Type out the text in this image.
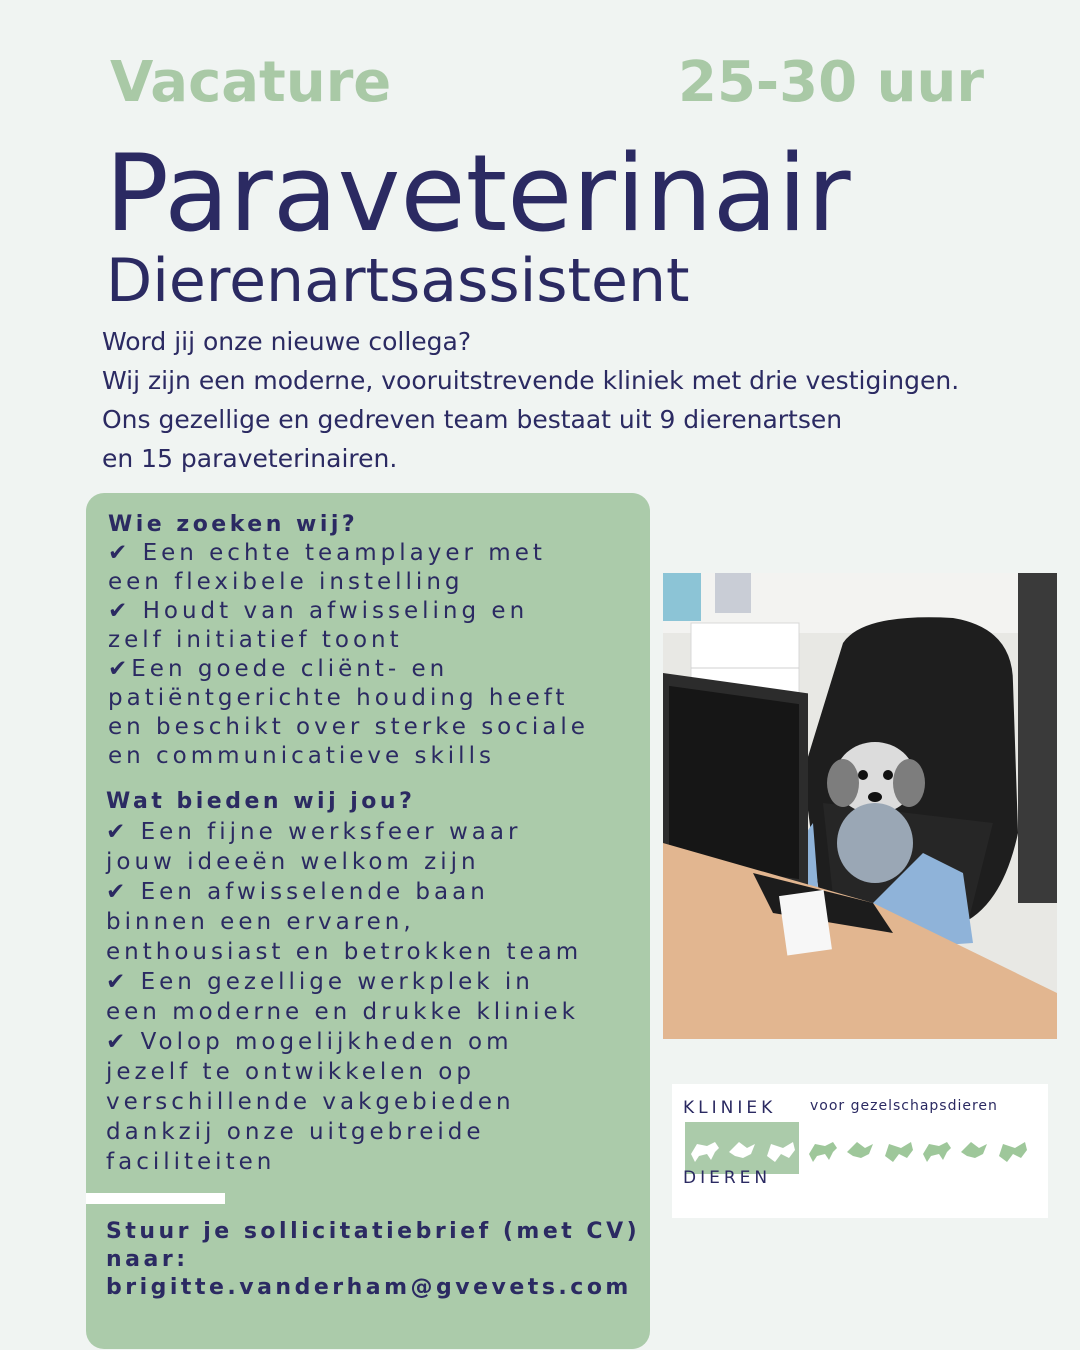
Vacature	25-30 uur
Paraveterinair
Dierenartsassistent
Word jij onze nieuwe collega?
Wij zijn een moderne, vooruitstrevende kliniek met drie vestigingen.
Ons gezellige en gedreven team bestaat uit 9 dierenartsen
en 15 paraveterinairen.
Wie zoeken wij?
✔ Een echte teamplayer met
een flexibele instelling
✔ Houdt van afwisseling en
zelf initiatief toont
✔Een goede cliënt- en
patiëntgerichte houding heeft
en beschikt over sterke sociale
en communicatieve skills
Wat bieden wij jou?
✔ Een fijne werksfeer waar
jouw ideeën welkom zijn
✔ Een afwisselende baan
binnen een ervaren,
enthousiast en betrokken team
✔ Een gezellige werkplek in
een moderne en drukke kliniek
✔ Volop mogelijkheden om
jezelf te ontwikkelen op
verschillende vakgebieden
dankzij onze uitgebreide
faciliteiten
Stuur je sollicitatiebrief (met CV)
naar:
brigitte.vanderham@gvevets.com
KLINIEK voor gezelschapsdieren
DIEREN
